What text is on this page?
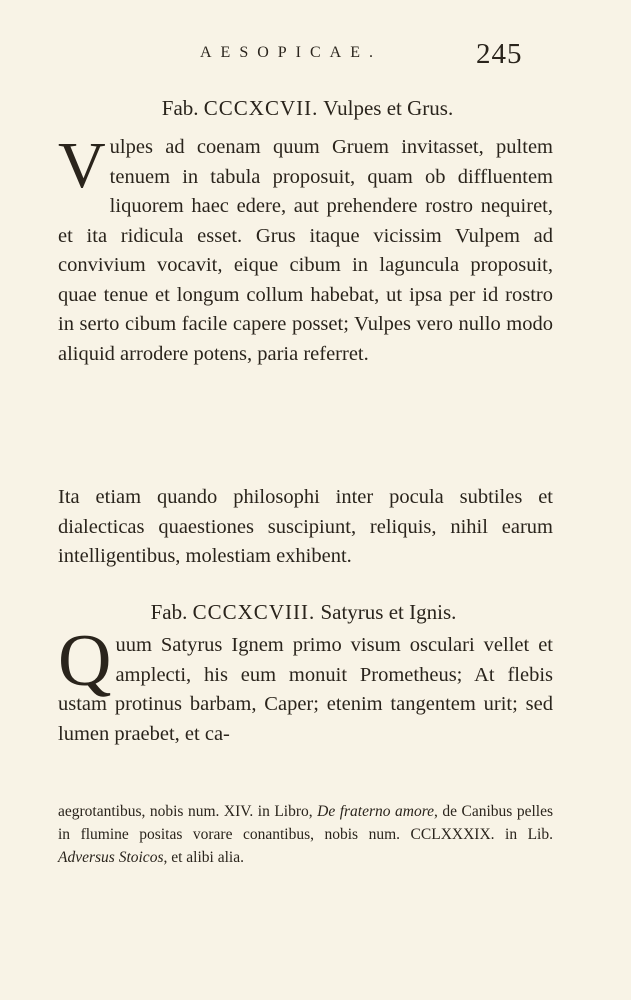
AESOPICAE.	245
Fab. CCCXCVII. Vulpes et Grus.

Vulpes ad coenam quum Gruem invitasset, pultem tenuem in tabula proposuit, quam ob diffluentem liquorem haec edere, aut prehendere rostro nequiret, et ita ridicula esset. Grus itaque vicissim Vulpem ad convivium vocavit, eique cibum in laguncula proposuit, quae tenue et longum collum habebat, ut ipsa per id rostro in serto cibum facile capere posset; Vulpes vero nullo modo aliquid arrodere potens, paria referret.

Ita etiam quando philosophi inter pocula subtiles et dialecticas quaestiones suscipiunt, reliquis, nihil earum intelligentibus, molestiam exhibent.

Fab. CCCXCVIII. Satyrus et Ignis.

Quum Satyrus Ignem primo visum osculari vellet et amplecti, his eum monuit Prometheus; At flebis ustam protinus barbam, Caper; etenim tangentem urit; sed lumen praebet, et ca-

aegrotantibus, nobis num. XIV. in Libro, De fraterno amore, de Canibus pelles in flumine positas vorare conantibus, nobis num. CCLXXXIX. in Lib. Adversus Stoicos, et alibi alia.
